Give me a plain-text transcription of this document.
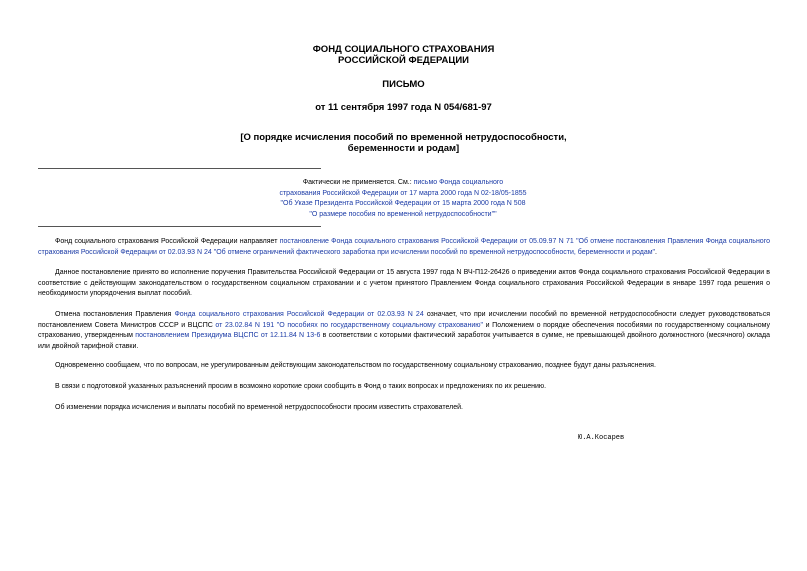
ФОНД СОЦИАЛЬНОГО СТРАХОВАНИЯ
РОССИЙСКОЙ ФЕДЕРАЦИИ
ПИСЬМО
от 11 сентября 1997 года N 054/681-97
[О порядке исчисления пособий по временной нетрудоспособности,
беременности и родам]
Фактически не применяется. См.: письмо Фонда социального
страхования Российской Федерации от 17 марта 2000 года N 02-18/05-1855
"Об Указе Президента Российской Федерации от 15 марта 2000 года N 508
"О размере пособия по временной нетрудоспособности""
Фонд социального страхования Российской Федерации направляет постановление Фонда социального страхования Российской Федерации от 05.09.97 N 71 "Об отмене постановления Правления Фонда социального страхования Российской Федерации от 02.03.93 N 24 "Об отмене ограничений фактического заработка при исчислении пособий по временной нетрудоспособности, беременности и родам".
Данное постановление принято во исполнение поручения Правительства Российской Федерации от 15 августа 1997 года N ВЧ-П12-26426 о приведении актов Фонда социального страхования Российской Федерации в соответствие с действующим законодательством о государственном социальном страховании и с учетом принятого Правлением Фонда социального страхования Российской Федерации в январе 1997 года решения о необходимости упорядочения выплат пособий.
Отмена постановления Правления Фонда социального страхования Российской Федерации от 02.03.93 N 24 означает, что при исчислении пособий по временной нетрудоспособности следует руководствоваться постановлением Совета Министров СССР и ВЦСПС от 23.02.84 N 191 "О пособиях по государственному социальному страхованию" и Положением о порядке обеспечения пособиями по государственному социальному страхованию, утвержденным постановлением Президиума ВЦСПС от 12.11.84 N 13-6 в соответствии с которыми фактический заработок учитывается в сумме, не превышающей двойного должностного (месячного) оклада или двойной тарифной ставки.
Одновременно сообщаем, что по вопросам, не урегулированным действующим законодательством по государственному социальному страхованию, позднее будут даны разъяснения.
В связи с подготовкой указанных разъяснений просим в возможно короткие сроки сообщить в Фонд о таких вопросах и предложениях по их решению.
Об изменении порядка исчисления и выплаты пособий по временной нетрудоспособности просим известить страхователей.
Ю.А.Косарев
